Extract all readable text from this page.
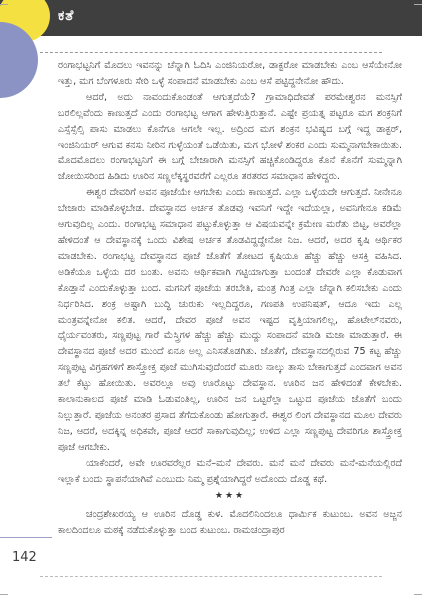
ಕತೆ

ರಂಗಾಭಟ್ಟನಿಗೆ ಮೊದಲು ಇವನನ್ನು ಚೆನ್ನಾಗಿ ಓದಿಸಿ ಎಂಜಿನಿಯರೋ, ಡಾಕ್ಟರೋ ಮಾಡಬೇಕು ಎಂಬ ಆಸೆಯೇನೋ ಇತ್ತು, ಮಗ ಬೆಂಗಳೂರು ಸೇರಿ ಒಳ್ಳೆ ಸಂಪಾದನೆ ಮಾಡಬೇಕು ಎಂಬ ಆಸೆ ಪಟ್ಟಿದ್ದನೇನೋ ಹೌದು.

ಆದರೆ, ಅದು ನಾವಂದುಕೊಂಡಂತೆ ಆಗುತ್ತದೆಯೆ? ಗ್ರಾಮಾಧಿದೇವತೆ ಪರಮೇಶ್ವರನ ಮನಸ್ಸಿಗೆ ಬರಲಿಲ್ಲವೆಂದು ಕಾಣುತ್ತದೆ ಎಂದು ರಂಗಾಭಟ್ಟ ಆಗಾಗ ಹೇಳುತ್ತಿರುತ್ತಾನೆ. ಎಷ್ಟೇ ಪ್ರಯತ್ನ ಪಟ್ಟರೂ ಮಗ ಶಂಕ್ರನಿಗೆ ಎಸ್ಸೆಸ್ಸೆಲ್ಸಿ ಪಾಸು ಮಾಡಲು ಕೊನೆಗೂ ಆಗಲೇ ಇಲ್ಲ. ಅದ್ರಿಂದ ಮಗ ಶಂಕ್ರನ ಭವಿಷ್ಯದ ಬಗ್ಗೆ ಇದ್ದ ಡಾಕ್ಟರ್, ಇಂಜಿನಿಯರ್ ಆಗುವ ಕನಸು ನೀರಿನ ಗುಳ್ಳೆಯಂತೆ ಒಡೆಯಿತು, ಮಗ ಭೋಳೆ ಶಂಕರ ಎಂದು ಸುಮ್ಮನಾಗಬೇಕಾಯಿತು. ಮೊದಮೊದಲು ರಂಗಾಭಟ್ಟನಿಗೆ ಈ ಬಗ್ಗೆ ಬೇಜಾರಾಗಿ ಮನಸ್ಸಿಗೆ ಹಚ್ಚಿಕೊಂಡಿದ್ದರೂ ಕೊನೆ ಕೊನೆಗೆ ಸುಮ್ಮನ್ನಾಗಿ ಜೋಯಿಸರಿಂದ ಹಿಡಿದು ಊರಿನ ಸಣ್ಣಲೆಕ್ಕಸ್ಥರವರೆಗೆ ಎಲ್ಲರೂ ತರತರದ ಸಮಾಧಾನ ಹೇಳಿದ್ದರು.

ಈಶ್ವರ ದೇವರಿಗೆ ಅವನ ಪೂಜೆಯೇ ಆಗಬೇಕು ಎಂದು ಕಾಣುತ್ತದೆ. ಎಲ್ಲಾ ಒಳ್ಳೆಯದೇ ಆಗುತ್ತದೆ. ನೀನೇನೂ ಬೇಜಾರು ಮಾಡಿಕೊಳ್ಳಬೇಡ. ದೇವಸ್ಥಾನದ ಅರ್ಚಕ ತೊಡವು ಇವನಿಗೆ ಇದ್ದೇ ಇದೆಯಲ್ಲಾ, ಅವನಿಗೇನೂ ಕಡಿಮೆ ಆಗುವುದಿಲ್ಲ ಎಂದು. ರಂಗಾಭಟ್ಟ ಸಮಾಧಾನ ಪಟ್ಟುಕೊಳ್ಳುತ್ತಾ ಆ ವಿಷಯವನ್ನೇ ಕ್ರಮೇಣ ಮರೆತು ಬಿಟ್ಟ, ಅವರೆಲ್ಲಾ ಹೇಳಿದಂತೆ ಆ ದೇವಸ್ಥಾನಕ್ಕೆ ಒಂದು ವಿಶೇಷ ಅರ್ಚಕ ತೊಡವಿದ್ದದ್ದೇನೋ ನಿಜ. ಆದರೆ, ಅದರ ಕೃಷಿ ಆರ್ಥಿಕರ ಮಾಡಬೇಕು. ರಂಗಾಭಟ್ಟ ದೇವಸ್ಥಾನದ ಪೂಜೆ ಜೊತೆಗೆ ತೋಟದ ಕೃಷಿಯೂ ಹೆಚ್ಚು ಹೆಚ್ಚು ಆಸಕ್ತಿ ವಹಿಸಿದ. ಅಡಿಕೆಯೂ ಒಳ್ಳೆಯ ದರ ಬಂತು. ಅವನು ಆರ್ಥಿಕವಾಗಿ ಗಟ್ಟಿಯಾಗುತ್ತಾ ಬಂದಂತೆ ದೇವರೇ ಎಲ್ಲಾ ಕೊಡುವಾಗ ಕೊಡ್ತಾನೆ ಎಂದುಕೊಳ್ಳುತ್ತಾ ಬಂದ. ಮಗನಿಗೆ ಪೂಜೆಯ ತರಬೇತಿ, ಮಂತ್ರ ಗಿಂತ್ರ ಎಲ್ಲಾ ಚೆನ್ನಾಗಿ ಕಲಿಸಬೇಕು ಎಂದು ನಿರ್ಧರಿಸಿದ. ಶಂಕ್ರ ಅಷ್ಟಾಗಿ ಬುದ್ಧಿ ಚುರುಕು ಇಲ್ಲದಿದ್ದರೂ, ಗಣಪತಿ ಉಪನಿಷತ್, ಆದೂ ಇದು ಎಲ್ಲ ಮಂತ್ರವನ್ನೇನೋ ಕಲಿತ. ಆದರೆ, ದೇವರ ಪೂಜೆ ಅವನ ಇಷ್ಟದ ವೃತ್ತಿಯಾಗಲಿಲ್ಲ, ಹೊಟೇಲ್‌ನವರು, ಧೈರ್ಯವಂತರು, ಸಣ್ಣಪುಟ್ಟ ಗಾರೆ ಮೆಸ್ತ್ರಿಗಳ ಹೆಚ್ಚು ಹೆಚ್ಚು ಮುದ್ದು ಸಂಪಾದನೆ ಮಾಡಿ ಮಜಾ ಮಾಡುತ್ತಾರೆ. ಈ ದೇವಸ್ಥಾನದ ಪೂಜೆ ಅದರ ಮುಂದೆ ಏನೂ ಅಲ್ಲ ಎನಿಸತೊಡಗಿತು. ಜೊತೆಗೆ, ದೇವಸ್ಥಾನದಲ್ಲಿರುವ 75 ಕಟ್ಟ ಹೆಚ್ಚು ಸಣ್ಣಪುಟ್ಟ ವಿಗ್ರಹಗಳಿಗೆ ಶಾಸ್ತ್ರೋಕ್ತ ಪೂಜೆ ಮುಗಿಸುವುದೆಂದರೆ ಮೂರು ನಾಲ್ಕು ತಾಸು ಬೇಕಾಗುತ್ತದೆ ಎಂದವಾಗ ಅವನ ತಲೆ ಕೆಟ್ಟು ಹೋಯಿತು. ಅವರಲ್ಲೂ ಅವು ಊರೊಟ್ಟು ದೇವಸ್ಥಾನ. ಊರಿನ ಜನ ಹೇಳಿದಂತೆ ಕೇಳಬೇಕು. ಕಾಲಾನುಕಾಲದ ಪೂಜೆ ಮಾಡಿ ಓಡುವಂತಿಲ್ಲ, ಊರಿನ ಜನ ಒಟ್ಟರೆಲ್ಲಾ ಒಟ್ಟುದ ಪೂಜೆಯ ಜೊತೆಗೆ ಬಂದು ನಿಲ್ಲುತ್ತಾರೆ. ಪೂಜೆಯ ಅನಂತರ ಪ್ರಸಾದ ತೆಗೆದುಕೊಂಡು ಹೋಗುತ್ತಾರೆ. ಈಶ್ವರ ಲಿಂಗ ದೇವಸ್ಥಾನದ ಮೂಲ ದೇವರು ನಿಜ, ಆದರೆ, ಅದಕ್ಕಿನ್ನ ಅಧಿಕವೇ, ಪೂಜೆ ಆದರೆ ಸಾಕಾಗುವುದಿಲ್ಲ; ಉಳಿದ ಎಲ್ಲಾ ಸಣ್ಣಪುಟ್ಟ ದೇವರಿಗೂ ಶಾಸ್ತ್ರೋಕ್ತ ಪೂಜೆ ಆಗಬೇಕು.

ಯಾಕೆಂದರೆ, ಅವೇ ಊರವರೆಲ್ಲರ ಮನೆ–ಮನೆ ದೇವರು. ಮನೆ ಮನೆ ದೇವರು ಮನೆ-ಮನೆಯಲ್ಲಿರದೆ ಇಲ್ಲಾಕೆ ಬಂದು ಸ್ಥಾಪನೆಯಾಗಿವೆ ಎಂಬುದು ನಿಮ್ಮ ಪ್ರಶ್ನೆಯಾಗಿದ್ದರೆ ಅದೊಂದು ದೊಡ್ಡ ಕಥೆ.

★★★

ಚಂದ್ರಶೇಖರಯ್ಯ ಆ ಊರಿನ ದೊಡ್ಡ ಕುಳ. ಮೊದಲಿನಿಂದಲೂ ಧಾರ್ಮಿಕ ಕುಟುಂಬ. ಅವನ ಅಜ್ಜನ ಕಾಲದಿಂದಲೂ ಮಠಕ್ಕೆ ನಡೆದುಕೊಳ್ಳುತ್ತಾ ಬಂದ ಕುಟುಂಬ. ರಾಮಚಂದ್ರಾಪುರ

142
